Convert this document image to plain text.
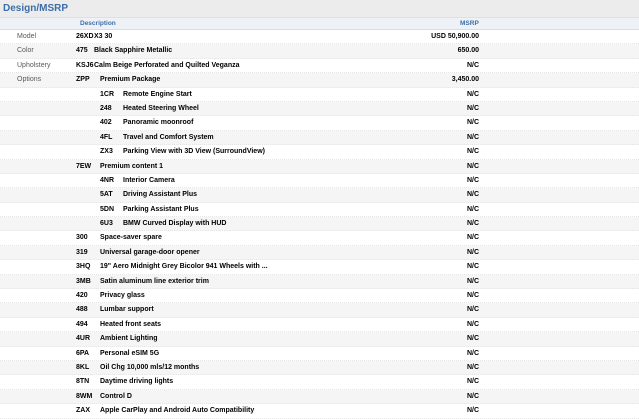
Design/MSRP
Description	MSRP
Model	26XD X3 30	USD 50,900.00
Color	475 Black Sapphire Metallic	650.00
Upholstery	KSJ6 Calm Beige Perforated and Quilted Veganza	N/C
Options	ZPP Premium Package	3,450.00
1CR Remote Engine Start	N/C
248 Heated Steering Wheel	N/C
402 Panoramic moonroof	N/C
4FL Travel and Comfort System	N/C
ZX3 Parking View with 3D View (SurroundView)	N/C
7EW Premium content 1	N/C
4NR Interior Camera	N/C
5AT Driving Assistant Plus	N/C
5DN Parking Assistant Plus	N/C
6U3 BMW Curved Display with HUD	N/C
300 Space-saver spare	N/C
319 Universal garage-door opener	N/C
3HQ 19" Aero Midnight Grey Bicolor 941 Wheels with ...	N/C
3MB Satin aluminum line exterior trim	N/C
420 Privacy glass	N/C
488 Lumbar support	N/C
494 Heated front seats	N/C
4UR Ambient Lighting	N/C
6PA Personal eSIM 5G	N/C
8KL Oil Chg 10,000 mls/12 months	N/C
8TN Daytime driving lights	N/C
8WM Control D	N/C
ZAX Apple CarPlay and Android Auto Compatibility	N/C
